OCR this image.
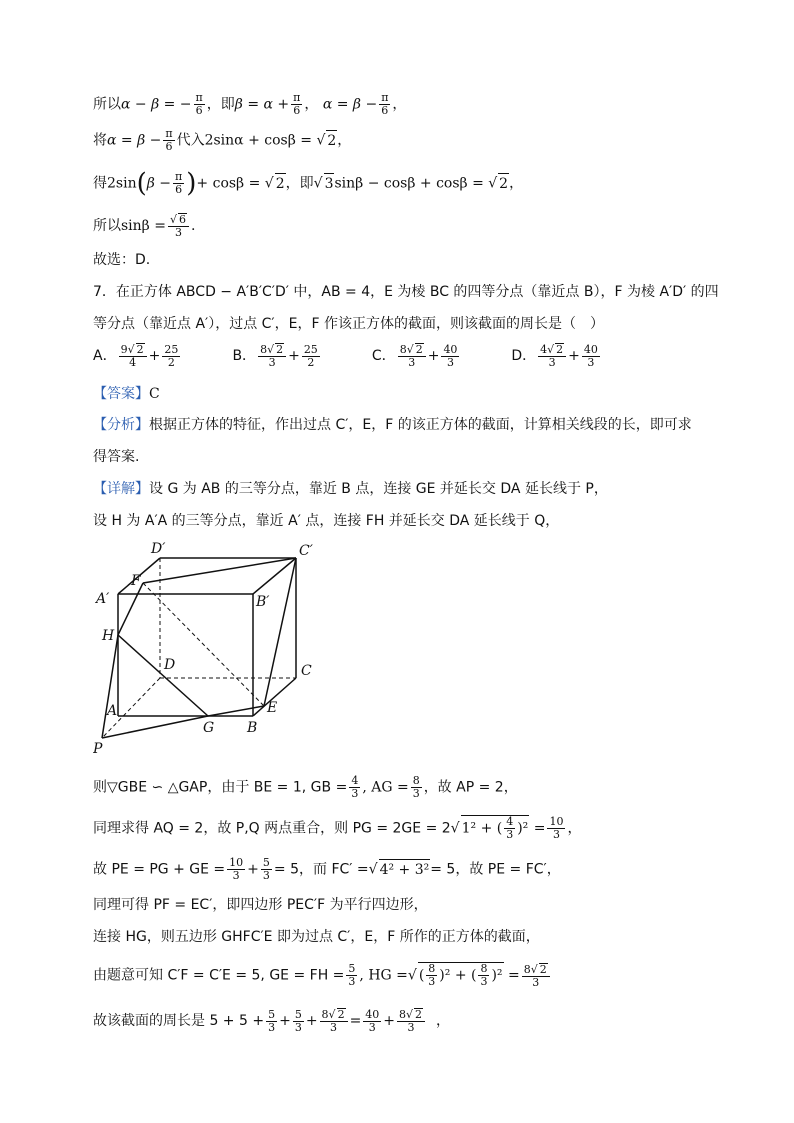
所以α − β = − $\frac{\pi}{6}$ ，即$\beta = \alpha + \frac{\pi}{6}$ ， $\alpha = \beta - \frac{\pi}{6}$ ，
将$\alpha = \beta - \frac{\pi}{6}$ 代入2sinα + cosβ = √ 2，
得$2\sin(\beta - \frac{\pi}{6}$ )+ cosβ = √ 2，即√ 3sinβ − cosβ + cosβ = √ 2，
所以$\sin\beta = \frac{√ 6}{3}$ .
故选：D.
7．在正方体 ABCD − A′B′C′D′ 中，AB = 4，E 为棱 BC 的四等分点（靠近点 B），F 为棱 A′D′ 的四
等分点（靠近点 A′），过点 C′，E，F 作该正方体的截面，则该截面的周长是（　）
A． $\frac{9√ 2}{4} + \frac{25}{2}$	B． $\frac{8√ 2}{3} + \frac{25}{2}$	C． $\frac{8√ 2}{3} + \frac{40}{3}$	D． $\frac{4√ 2}{3} + \frac{40}{3}$
【答案】C
【分析】根据正方体的特征，作出过点 C′，E，F 的该正方体的截面，计算相关线段的长，即可求
得答案.
【详解】设 G 为 AB 的三等分点，靠近 B 点，连接 GE 并延长交 DA 延长线于 P，
设 H 为 A′A 的三等分点，靠近 A′ 点，连接 FH 并延长交 DA 延长线于 Q，
D′	C′
F
A′	B′
H
D	C
A	E
G B
P
则▽GBE ∽ △GAP，由于 BE = 1, GB = $\frac{4}{3}$ , AG = $\frac{8}{3}$ ，故 AP = 2，
同理求得 AQ = 2，故 P,Q 两点重合，则 PG = 2GE = 2√ 1² + ( $\frac{4}{3} )^2 = \frac{10}{3}$ ，
故 PE = PG + GE = $\frac{10}{3} + \frac{5}{3} = 5$，而 FC′ =√ 4² + 3²= 5，故 PE = FC′，
同理可得 PF = EC′，即四边形 PEC′F 为平行四边形，
连接 HG，则五边形 GHFC′E 即为过点 C′，E，F 所作的正方体的截面，
由题意可知 C′F = C′E = 5, GE = FH = $\frac{5}{3}$ , HG =√ ( $\frac{8}{3} )^2$ + ( $\frac{8}{3} )^2 = \frac{8√ 2}{3}$
故该截面的周长是 $5 + 5 + \frac{5}{3} + \frac{5}{3} + \frac{8√ 2}{3} = \frac{40}{3} + \frac{8√ 2}{3}$ ，
